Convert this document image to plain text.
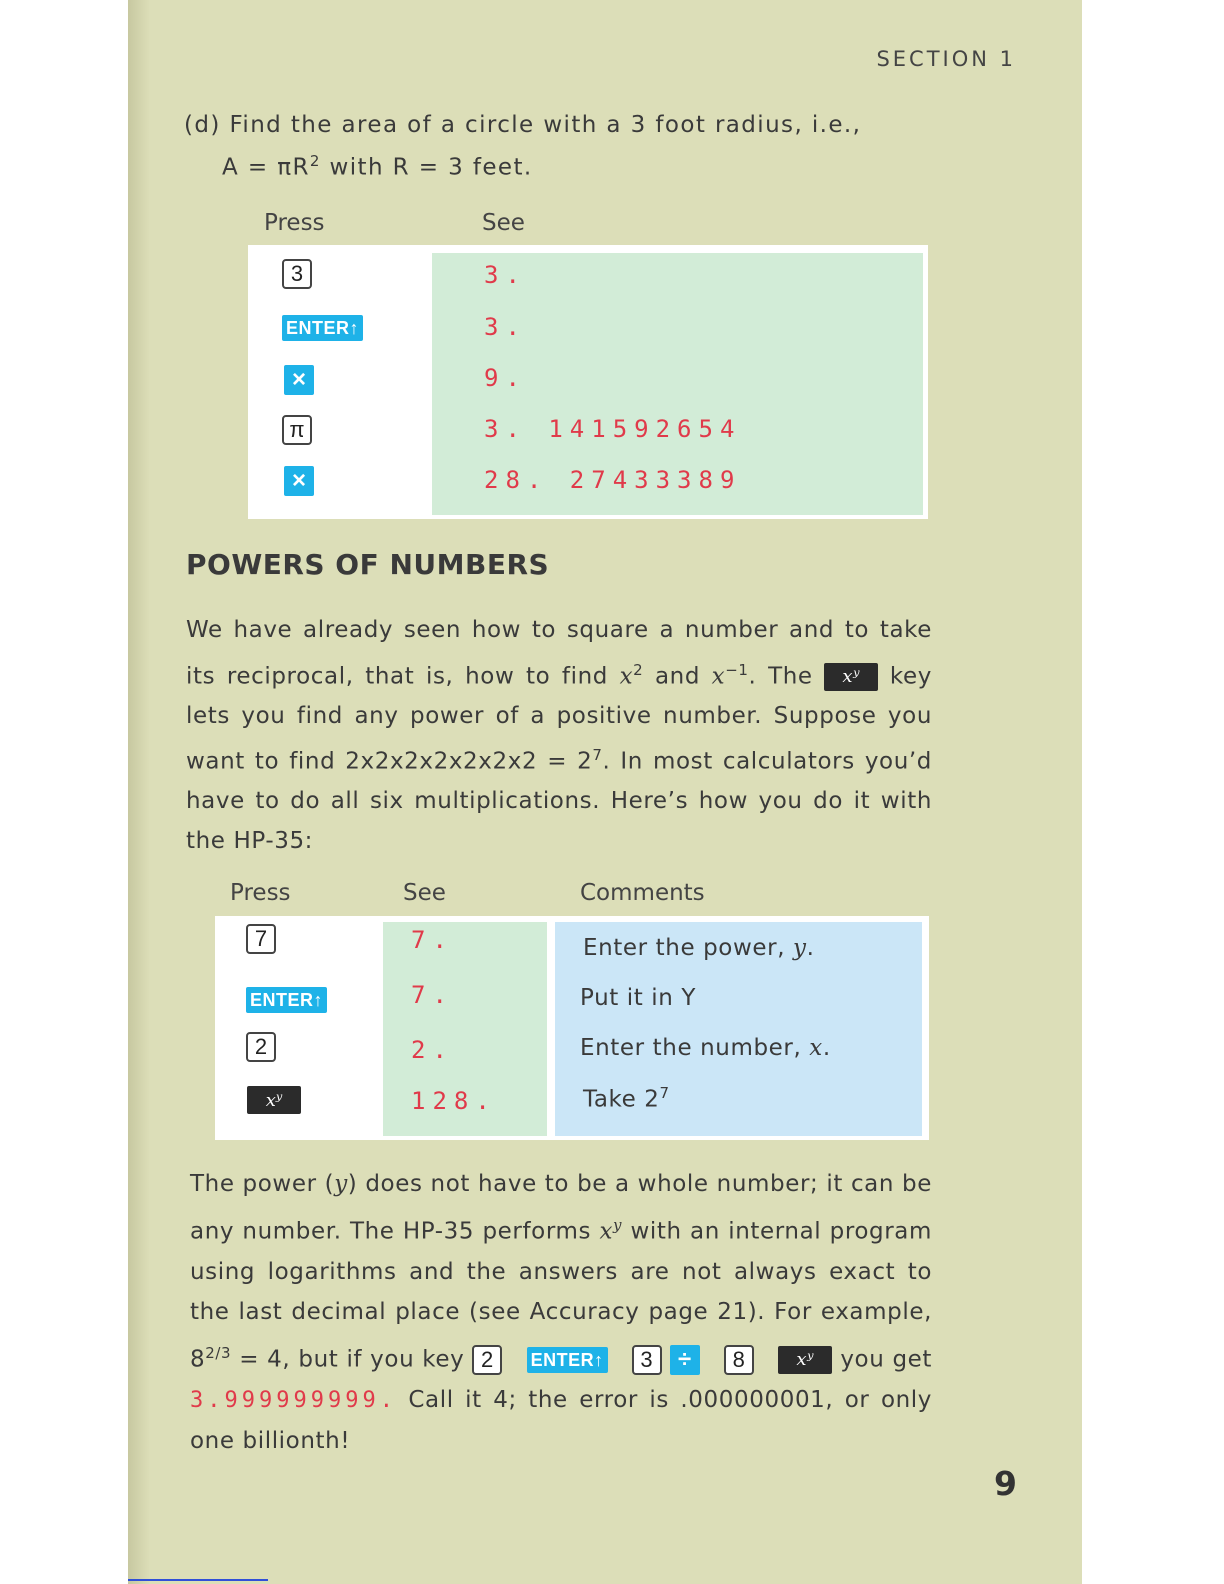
SECTION 1
(d) Find the area of a circle with a 3 foot radius, i.e.,
$A = \pi R^2$ with R = 3 feet.
Press	See
3	3.
ENTER↑	3.
×	9.
π	3. 141592654
×	28. 27433389
POWERS OF NUMBERS
We have already seen how to square a number and to take its reciprocal, that is, how to find $x^2$ and $x^{-1}$. The xʸ key lets you find any power of a positive number. Suppose you want to find $2x2x2x2x2x2x2 = 2^7$. In most calculators you’d have to do all six multiplications. Here’s how you do it with the HP-35:
Press	See	Comments
7	7.	Enter the power, y.
ENTER↑	7.	Put it in Y
2	2.	Enter the number, x.
xʸ	128.	Take $2^7$
The power (y) does not have to be a whole number; it can be any number. The HP-35 performs $x^y$ with an internal program using logarithms and the answers are not always exact to the last decimal place (see Accuracy page 21). For example, $8^{2/3} = 4$, but if you key 2 ENTER↑ 3 ÷ 8	xʸ you get 3.999999999. Call it 4; the error is .000000001, or only one billionth!
9
